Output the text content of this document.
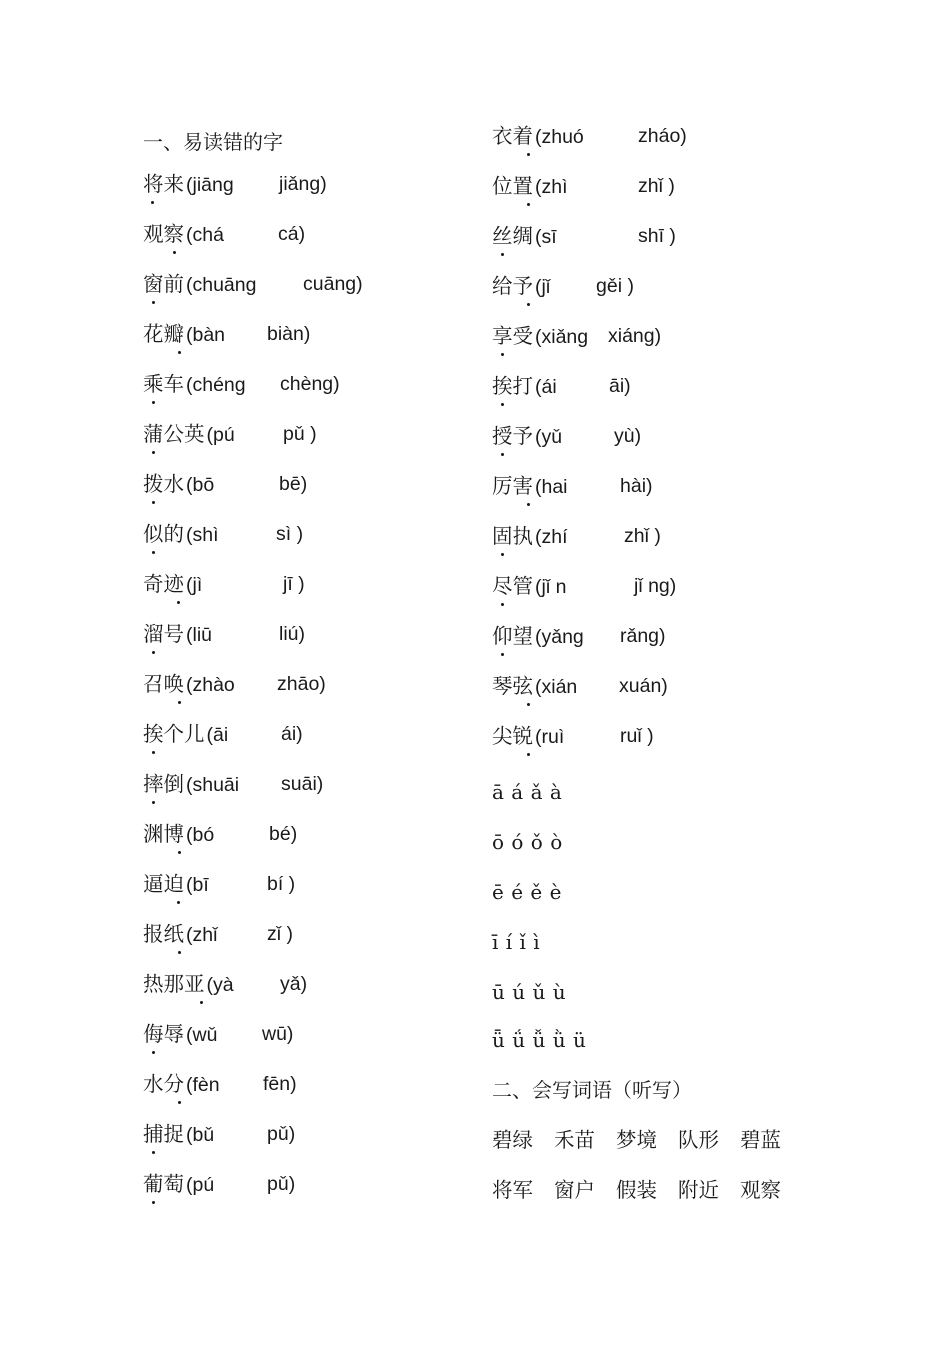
一、易读错的字
将来 (jiāng jiǎng)
观察 (chá	cá)
窗前 (chuāng cuāng)
花瓣 (bàn biàn)
乘车 (chéng chèng)
蒲公英 (pú pǔ )
拨水 (bō	bē)
似的 (shì	sì )
奇迹 (jì	jī )
溜号 (liū	liú)
召唤 (zhào zhāo)
挨个儿 (āi	ái)
摔倒 (shuāi suāi)
渊博 (bó	bé)
逼迫 (bī	bí )
报纸 (zhǐ	zǐ )
热那亚 (yà yǎ)
侮辱 (wǔ wū)
水分 (fèn fēn)
捕捉 (bǔ	pǔ)
葡萄 (pú	pǔ)
衣着 (zhuó	zháo)
位置 (zhì	zhǐ )
丝绸 (sī	shī )
给予 (jǐ gěi )
享受 (xiǎng xiáng)
挨打 (ái	āi)
授予 (yǔ	yù)
厉害 (hai	hài)
固执 (zhí	zhǐ )
尽管 (jǐ n	jǐ ng)
仰望 (yǎng rǎng)
琴弦 (xián xuán)
尖锐 (ruì	ruǐ )
ā á ǎ à
ō ó ǒ ò
ē é ě è
ī í ǐ ì
ū ú ǔ ù
ǖ ǘ ǚ ǜ ü
二、会写词语（听写）
碧绿 禾苗 梦境 队形 碧蓝
将军 窗户 假装 附近 观察
